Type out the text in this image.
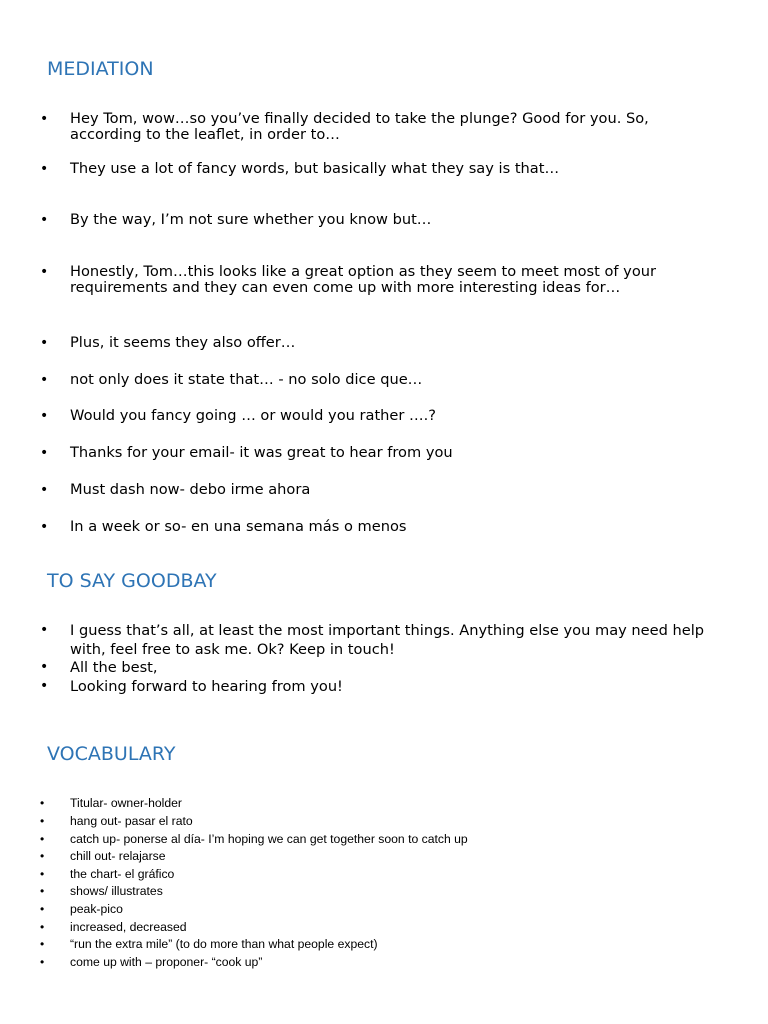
MEDIATION
•	Hey Tom, wow…so you’ve finally decided to take the plunge? Good for you. So, according to the leaflet, in order to…
•	They use a lot of fancy words, but basically what they say is that…
•	By the way, I’m not sure whether you know but…
•	Honestly, Tom…this looks like a great option as they seem to meet most of your requirements and they can even come up with more interesting ideas for…
•	Plus, it seems they also offer…
•	not only does it state that… - no solo dice que…
•	Would you fancy going … or would you rather ….?
•	Thanks for your email- it was great to hear from you
•	Must dash now- debo irme ahora
•	In a week or so- en una semana más o menos
TO SAY GOODBAY
•	I guess that’s all, at least the most important things. Anything else you may need help with, feel free to ask me. Ok? Keep in touch!
•	All the best,
•	Looking forward to hearing from you!
VOCABULARY
•	Titular- owner-holder
•	hang out- pasar el rato
•	catch up- ponerse al día- I’m hoping we can get together soon to catch up
•	chill out- relajarse
•	the chart- el gráfico
•	shows/ illustrates
•	peak-pico
•	increased, decreased
•	“run the extra mile” (to do more than what people expect)
•	come up with – proponer- “cook up”
